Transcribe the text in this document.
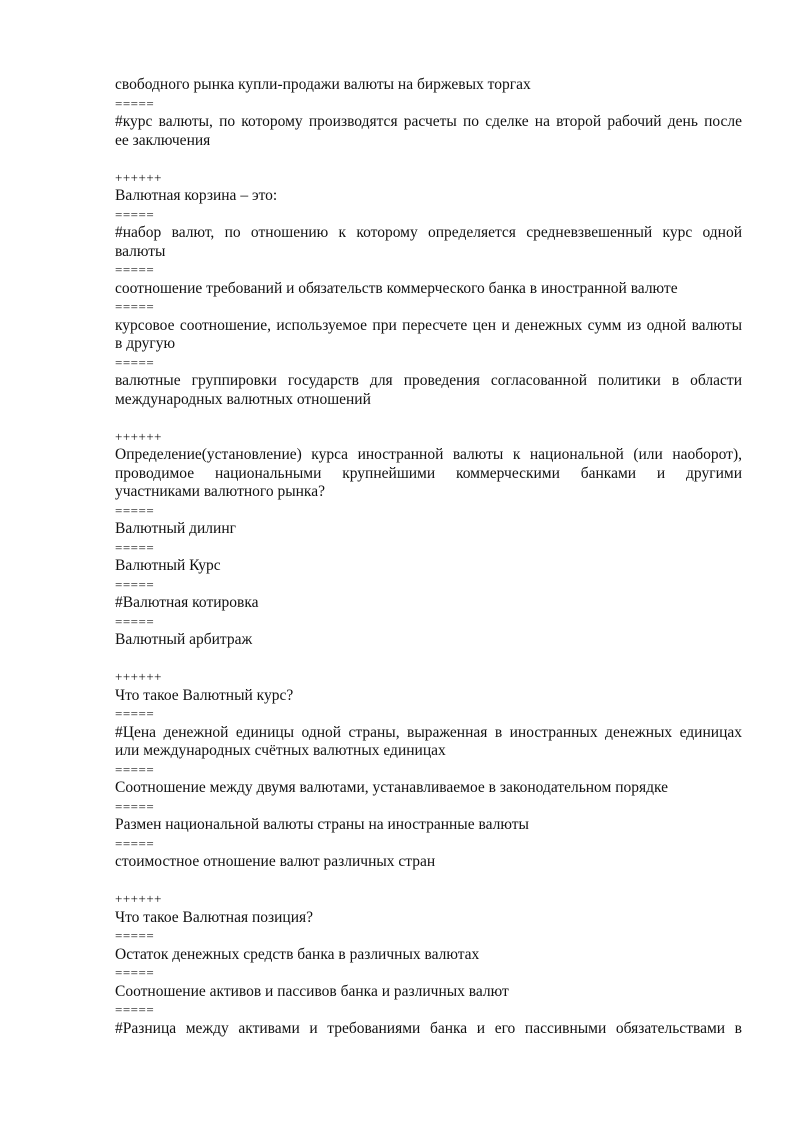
свободного рынка купли-продажи валюты на биржевых торгах
=====
#курс валюты, по которому производятся расчеты по сделке на второй рабочий день после
ее заключения
++++++
Валютная корзина – это:
=====
#набор валют, по отношению к которому определяется средневзвешенный курс одной
валюты
=====
соотношение требований и обязательств коммерческого банка в иностранной валюте
=====
курсовое соотношение, используемое при пересчете цен и денежных сумм из одной валюты
в другую
=====
валютные группировки государств для проведения согласованной политики в области
международных валютных отношений
++++++
Определение(установление) курса иностранной валюты к национальной (или наоборот),
проводимое национальными крупнейшими коммерческими банками и другими
участниками валютного рынка?
=====
Валютный дилинг
=====
Валютный Курс
=====
#Валютная котировка
=====
Валютный арбитраж
++++++
Что такое Валютный курс?
=====
#Цена денежной единицы одной страны, выраженная в иностранных денежных единицах
или международных счётных валютных единицах
=====
Соотношение между двумя валютами, устанавливаемое в законодательном порядке
=====
Размен национальной валюты страны на иностранные валюты
=====
стоимостное отношение валют различных стран
++++++
Что такое Валютная позиция?
=====
Остаток денежных средств банка в различных валютах
=====
Соотношение активов и пассивов банка и различных валют
=====
#Разница между активами и требованиями банка и его пассивными обязательствами в
